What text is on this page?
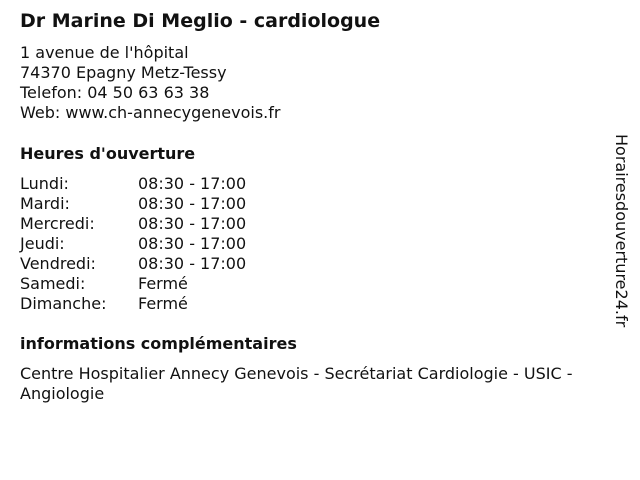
Dr Marine Di Meglio - cardiologue
1 avenue de l'hôpital
74370 Epagny Metz-Tessy
Telefon: 04 50 63 63 38
Web: www.ch-annecygenevois.fr
Heures d'ouverture
Lundi:	08:30 - 17:00
Mardi:	08:30 - 17:00
Mercredi:	08:30 - 17:00
Jeudi:	08:30 - 17:00
Vendredi:	08:30 - 17:00
Samedi:	Fermé
Dimanche:	Fermé
informations complémentaires
Centre Hospitalier Annecy Genevois - Secrétariat Cardiologie - USIC - Angiologie
Horairesdouverture24.fr
